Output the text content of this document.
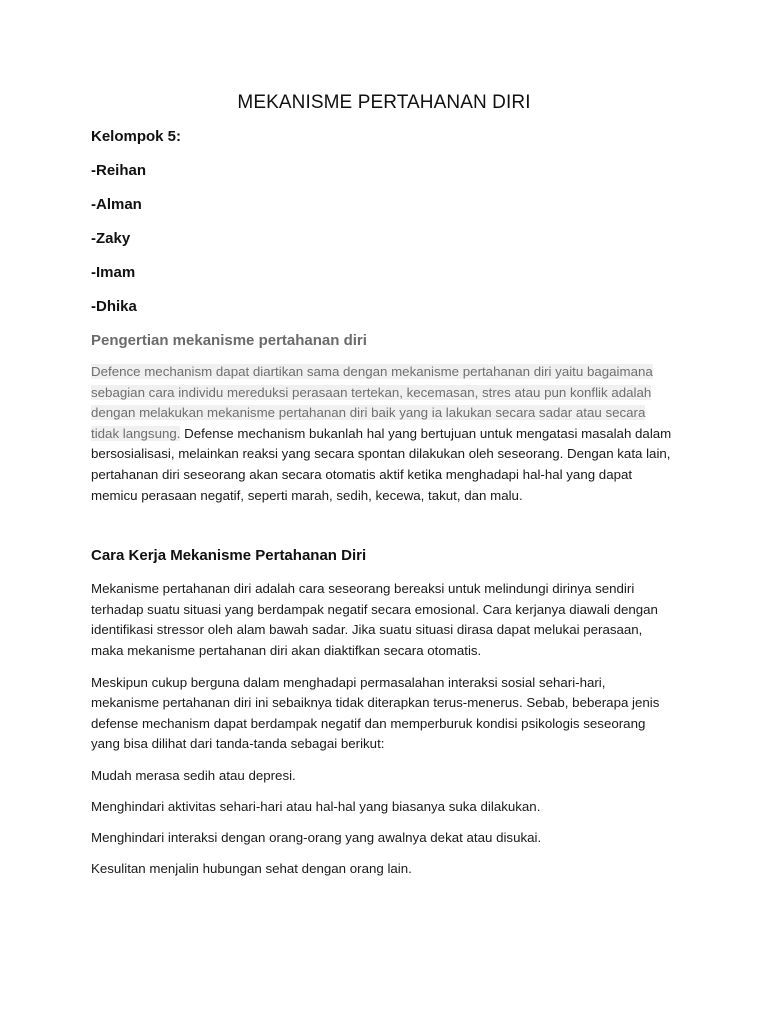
MEKANISME PERTAHANAN DIRI
Kelompok 5:
-Reihan
-Alman
-Zaky
-Imam
-Dhika
Pengertian mekanisme pertahanan diri

Defence mechanism dapat diartikan sama dengan mekanisme pertahanan diri yaitu bagaimana sebagian cara individu mereduksi perasaan tertekan, kecemasan, stres atau pun konflik adalah dengan melakukan mekanisme pertahanan diri baik yang ia lakukan secara sadar atau secara tidak langsung. Defense mechanism bukanlah hal yang bertujuan untuk mengatasi masalah dalam bersosialisasi, melainkan reaksi yang secara spontan dilakukan oleh seseorang. Dengan kata lain, pertahanan diri seseorang akan secara otomatis aktif ketika menghadapi hal-hal yang dapat memicu perasaan negatif, seperti marah, sedih, kecewa, takut, dan malu.

Cara Kerja Mekanisme Pertahanan Diri

Mekanisme pertahanan diri adalah cara seseorang bereaksi untuk melindungi dirinya sendiri terhadap suatu situasi yang berdampak negatif secara emosional. Cara kerjanya diawali dengan identifikasi stressor oleh alam bawah sadar. Jika suatu situasi dirasa dapat melukai perasaan, maka mekanisme pertahanan diri akan diaktifkan secara otomatis.

Meskipun cukup berguna dalam menghadapi permasalahan interaksi sosial sehari-hari, mekanisme pertahanan diri ini sebaiknya tidak diterapkan terus-menerus. Sebab, beberapa jenis defense mechanism dapat berdampak negatif dan memperburuk kondisi psikologis seseorang yang bisa dilihat dari tanda-tanda sebagai berikut:

Mudah merasa sedih atau depresi.

Menghindari aktivitas sehari-hari atau hal-hal yang biasanya suka dilakukan.

Menghindari interaksi dengan orang-orang yang awalnya dekat atau disukai.

Kesulitan menjalin hubungan sehat dengan orang lain.
